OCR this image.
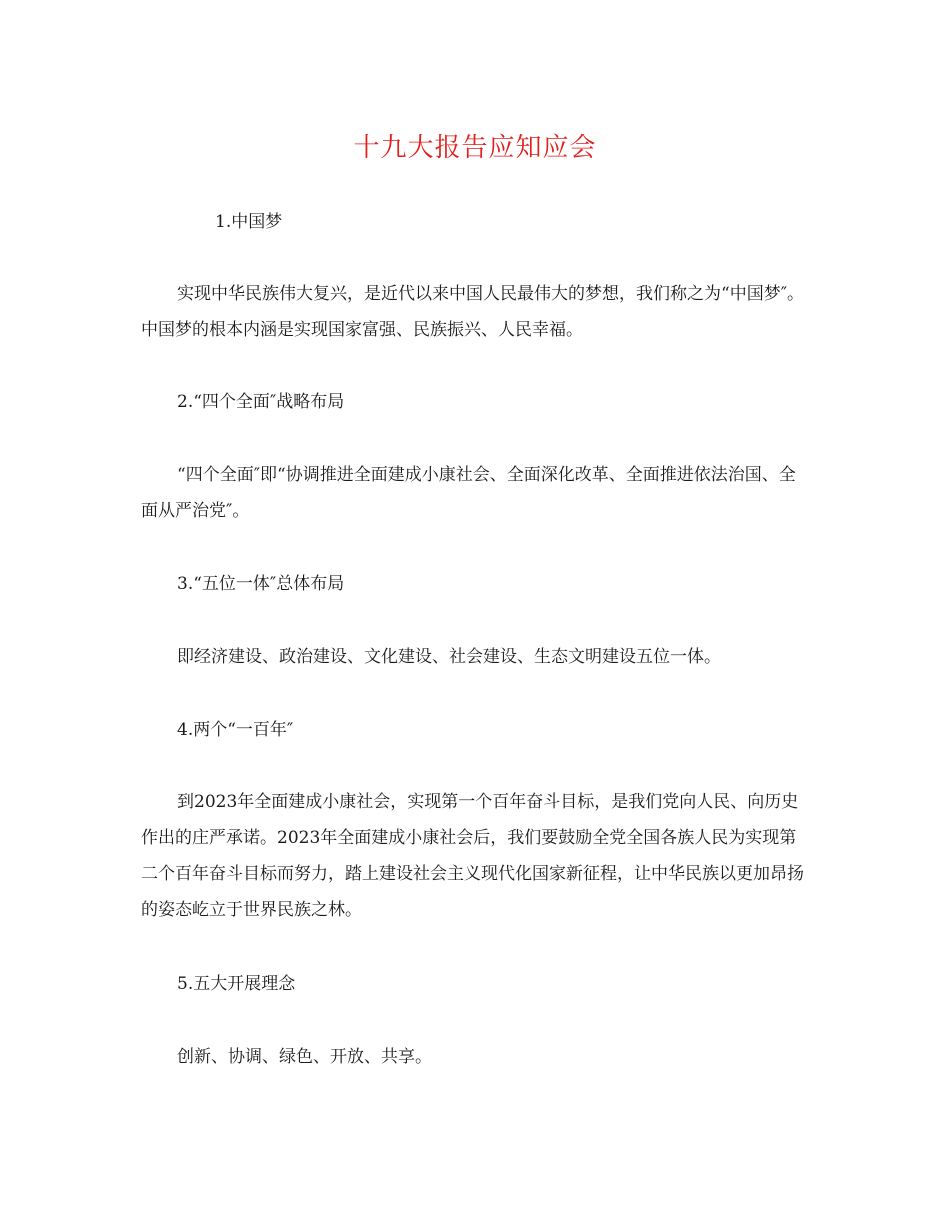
十九大报告应知应会

1.中国梦

实现中华民族伟大复兴，是近代以来中国人民最伟大的梦想，我们称之为“中国梦″。中国梦的根本内涵是实现国家富强、民族振兴、人民幸福。

2.“四个全面″战略布局

“四个全面″即“协调推进全面建成小康社会、全面深化改革、全面推进依法治国、全面从严治党″。

3.“五位一体″总体布局

即经济建设、政治建设、文化建设、社会建设、生态文明建设五位一体。

4.两个“一百年″

到2023年全面建成小康社会，实现第一个百年奋斗目标，是我们党向人民、向历史作出的庄严承诺。2023年全面建成小康社会后，我们要鼓励全党全国各族人民为实现第二个百年奋斗目标而努力，踏上建设社会主义现代化国家新征程，让中华民族以更加昂扬的姿态屹立于世界民族之林。

5.五大开展理念

创新、协调、绿色、开放、共享。
